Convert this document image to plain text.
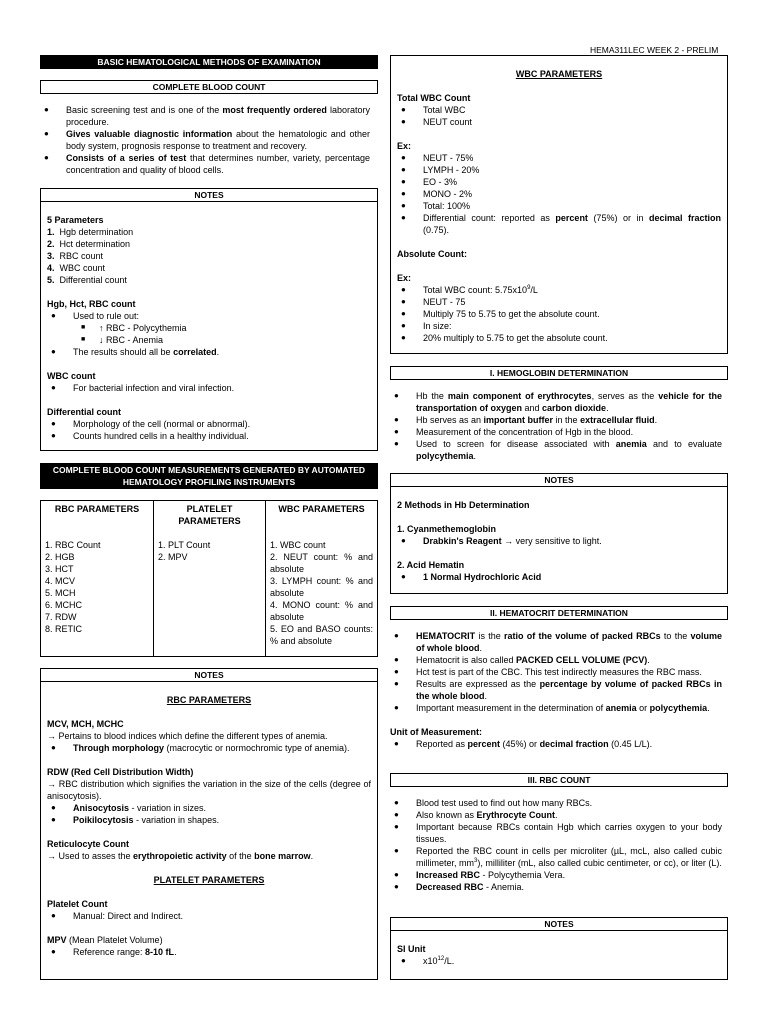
HEMA311LEC WEEK 2 - PRELIM
BASIC HEMATOLOGICAL METHODS OF EXAMINATION
COMPLETE BLOOD COUNT

● Basic screening test and is one of the most frequently ordered laboratory procedure.

● Gives valuable diagnostic information about the hematologic and other body system, prognosis response to treatment and recovery.

● Consists of a series of test that determines number, variety, percentage concentration and quality of blood cells.

NOTES

5 Parameters

1. Hgb determination

2. Hct determination

3. RBC count

4. WBC count

5. Differential count

Hgb, Hct, RBC count

● Used to rule out:

■ ↑ RBC - Polycythemia

■ ↓ RBC - Anemia

● The results should all be correlated.

WBC count

● For bacterial infection and viral infection.

Differential count

● Morphology of the cell (normal or abnormal).

● Counts hundred cells in a healthy individual.

COMPLETE BLOOD COUNT MEASUREMENTS GENERATED BY AUTOMATED
HEMATOLOGY PROFILING INSTRUMENTS
RBC PARAMETERS

1. RBC Count

2. HGB

3. HCT

4. MCV

5. MCH

6. MCHC

7. RDW

8. RETIC

PLATELET PARAMETERS

1. PLT Count

2. MPV

WBC PARAMETERS

1. WBC count

2. NEUT count: % and absolute

3. LYMPH count: % and absolute

4. MONO count: % and absolute

5. EO and BASO counts: % and absolute

NOTES

RBC PARAMETERS

MCV, MCH, MCHC

→ Pertains to blood indices which define the different types of anemia.

● Through morphology (macrocytic or normochromic type of anemia).

RDW (Red Cell Distribution Width)

→ RBC distribution which signifies the variation in the size of the cells (degree of anisocytosis).

● Anisocytosis - variation in sizes.

● Poikilocytosis - variation in shapes.

Reticulocyte Count

→ Used to asses the erythropoietic activity of the bone marrow.

PLATELET PARAMETERS

Platelet Count

● Manual: Direct and Indirect.

MPV (Mean Platelet Volume)

● Reference range: 8-10 fL.

WBC PARAMETERS

Total WBC Count

● Total WBC

● NEUT count

Ex:

● NEUT - 75%

● LYMPH - 20%

● EO - 3%

● MONO - 2%

● Total: 100%

● Differential count: reported as percent (75%) or in decimal fraction (0.75).

Absolute Count:

Ex:

● Total WBC count: $5.75x10^9/L$

● NEUT - 75

● Multiply 75 to 5.75 to get the absolute count.

● In size:

● 20% multiply to 5.75 to get the absolute count.

I. HEMOGLOBIN DETERMINATION

● Hb the main component of erythrocytes, serves as the vehicle for the transportation of oxygen and carbon dioxide.

● Hb serves as an important buffer in the extracellular fluid.

● Measurement of the concentration of Hgb in the blood.

● Used to screen for disease associated with anemia and to evaluate polycythemia.

NOTES

2 Methods in Hb Determination

1. Cyanmethemoglobin

● Drabkin's Reagent → very sensitive to light.

2. Acid Hematin

● 1 Normal Hydrochloric Acid

II. HEMATOCRIT DETERMINATION

● HEMATOCRIT is the ratio of the volume of packed RBCs to the volume of whole blood.

● Hematocrit is also called PACKED CELL VOLUME (PCV).

● Hct test is part of the CBC. This test indirectly measures the RBC mass.

● Results are expressed as the percentage by volume of packed RBCs in the whole blood.

● Important measurement in the determination of anemia or polycythemia.

Unit of Measurement:

● Reported as percent (45%) or decimal fraction (0.45 L/L).

III. RBC COUNT

● Blood test used to find out how many RBCs.

● Also known as Erythrocyte Count.

● Important because RBCs contain Hgb which carries oxygen to your body tissues.

● Reported the RBC count in cells per microliter (µL, mcL, also called cubic millimeter, $mm^3$), milliliter (mL, also called cubic centimeter, or cc), or liter (L).

● Increased RBC - Polycythemia Vera.

● Decreased RBC - Anemia.

NOTES

SI Unit

● $x10^{12}/L$.
